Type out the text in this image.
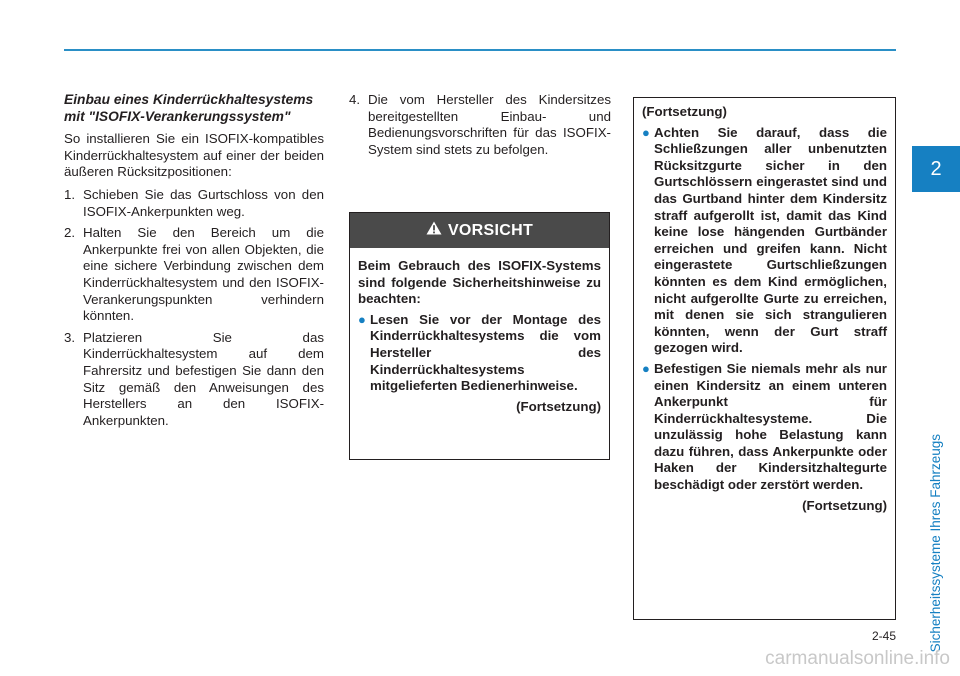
2
Sicherheitssysteme Ihres Fahrzeugs
Einbau eines Kinderrückhaltesystems mit "ISOFIX-Verankerungssystem"

So installieren Sie ein ISOFIX-kompatibles Kinderrückhaltesystem auf einer der beiden äußeren Rücksitzpositionen:

1. Schieben Sie das Gurtschloss von den ISOFIX-Ankerpunkten weg.
2. Halten Sie den Bereich um die Ankerpunkte frei von allen Objekten, die eine sichere Verbindung zwischen dem Kinderrückhaltesystem und den ISOFIX-Verankerungspunkten verhindern könnten.
3. Platzieren Sie das Kinderrückhaltesystem auf dem Fahrersitz und befestigen Sie dann den Sitz gemäß den Anweisungen des Herstellers an den ISOFIX-Ankerpunkten.
4. Die vom Hersteller des Kindersitzes bereitgestellten Einbau- und Bedienungsvorschriften für das ISOFIX-System sind stets zu befolgen.
VORSICHT

Beim Gebrauch des ISOFIX-Systems sind folgende Sicherheitshinweise zu beachten:

● Lesen Sie vor der Montage des Kinderrückhaltesystems die vom Hersteller des Kinderrückhaltesystems mitgelieferten Bedienerhinweise.

(Fortsetzung)

(Fortsetzung)

● Achten Sie darauf, dass die Schließzungen aller unbenutzten Rücksitzgurte sicher in den Gurtschlössern eingerastet sind und das Gurtband hinter dem Kindersitz straff aufgerollt ist, damit das Kind keine lose hängenden Gurtbänder erreichen und greifen kann. Nicht eingerastete Gurtschließzungen könnten es dem Kind ermöglichen, nicht aufgerollte Gurte zu erreichen, mit denen sie sich strangulieren könnten, wenn der Gurt straff gezogen wird.
● Befestigen Sie niemals mehr als nur einen Kindersitz an einem unteren Ankerpunkt für Kinderrückhaltesysteme. Die unzulässig hohe Belastung kann dazu führen, dass Ankerpunkte oder Haken der Kindersitzhaltegurte beschädigt oder zerstört werden.

(Fortsetzung)

2-45
carmanualsonline.info
